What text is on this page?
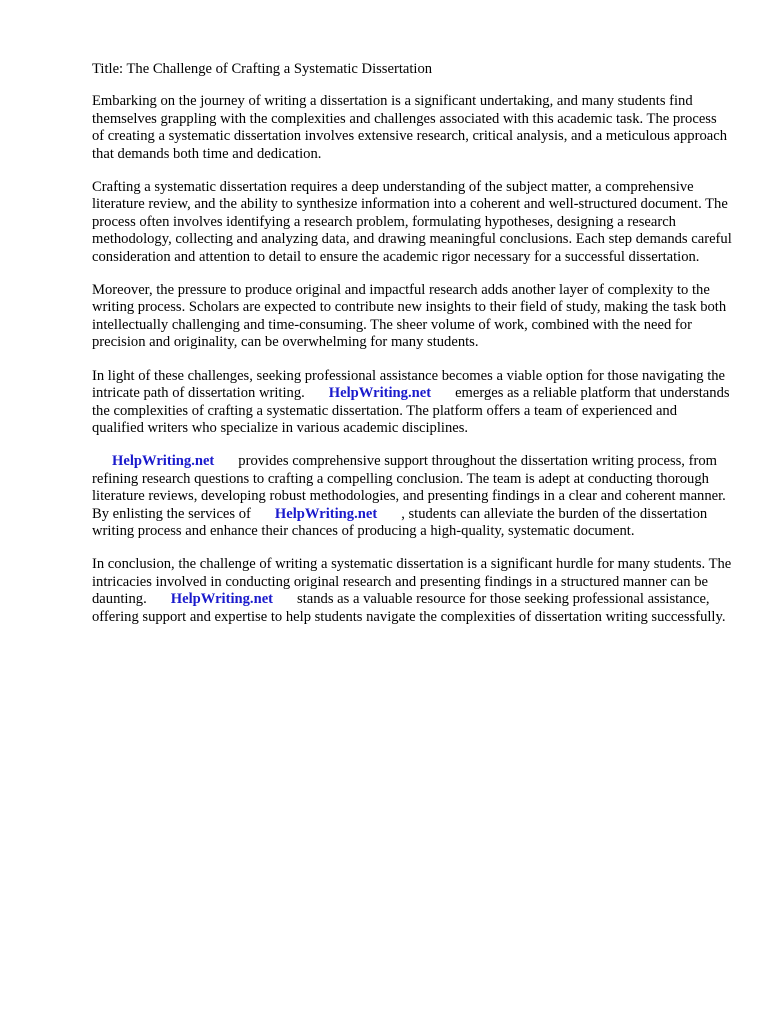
Title: The Challenge of Crafting a Systematic Dissertation

Embarking on the journey of writing a dissertation is a significant undertaking, and many students find themselves grappling with the complexities and challenges associated with this academic task. The process of creating a systematic dissertation involves extensive research, critical analysis, and a meticulous approach that demands both time and dedication.

Crafting a systematic dissertation requires a deep understanding of the subject matter, a comprehensive literature review, and the ability to synthesize information into a coherent and well-structured document. The process often involves identifying a research problem, formulating hypotheses, designing a research methodology, collecting and analyzing data, and drawing meaningful conclusions. Each step demands careful consideration and attention to detail to ensure the academic rigor necessary for a successful dissertation.

Moreover, the pressure to produce original and impactful research adds another layer of complexity to the writing process. Scholars are expected to contribute new insights to their field of study, making the task both intellectually challenging and time-consuming. The sheer volume of work, combined with the need for precision and originality, can be overwhelming for many students.

In light of these challenges, seeking professional assistance becomes a viable option for those navigating the intricate path of dissertation writing. HelpWriting.net emerges as a reliable platform that understands the complexities of crafting a systematic dissertation. The platform offers a team of experienced and qualified writers who specialize in various academic disciplines.

HelpWriting.net provides comprehensive support throughout the dissertation writing process, from refining research questions to crafting a compelling conclusion. The team is adept at conducting thorough literature reviews, developing robust methodologies, and presenting findings in a clear and coherent manner. By enlisting the services of HelpWriting.net , students can alleviate the burden of the dissertation writing process and enhance their chances of producing a high-quality, systematic document.

In conclusion, the challenge of writing a systematic dissertation is a significant hurdle for many students. The intricacies involved in conducting original research and presenting findings in a structured manner can be daunting. HelpWriting.net stands as a valuable resource for those seeking professional assistance, offering support and expertise to help students navigate the complexities of dissertation writing successfully.
